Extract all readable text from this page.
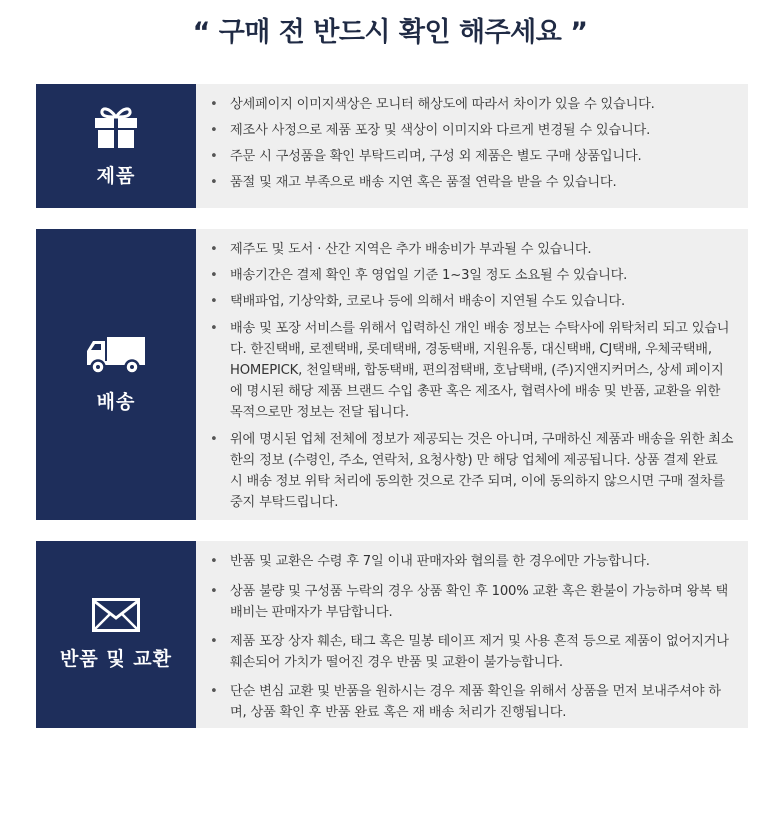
“ 구매 전 반드시 확인 해주세요 ”
제품
• 상세페이지 이미지색상은 모니터 해상도에 따라서 차이가 있을 수 있습니다.
• 제조사 사정으로 제품 포장 및 색상이 이미지와 다르게 변경될 수 있습니다.
• 주문 시 구성품을 확인 부탁드리며, 구성 외 제품은 별도 구매 상품입니다.
• 품절 및 재고 부족으로 배송 지연 혹은 품절 연락을 받을 수 있습니다.
배송
• 제주도 및 도서 · 산간 지역은 추가 배송비가 부과될 수 있습니다.
• 배송기간은 결제 확인 후 영업일 기준 1~3일 정도 소요될 수 있습니다.
• 택배파업, 기상악화, 코로나 등에 의해서 배송이 지연될 수도 있습니다.
• 배송 및 포장 서비스를 위해서 입력하신 개인 배송 정보는 수탁사에 위탁처리 되고 있습니다. 한진택배, 로젠택배, 롯데택배, 경동택배, 지원유통, 대신택배, CJ택배, 우체국택배, HOMEPICK, 천일택배, 합동택배, 편의점택배, 호남택배, (주)지앤지커머스, 상세 페이지에 명시된 해당 제품 브랜드 수입 총판 혹은 제조사, 협력사에 배송 및 반품, 교환을 위한 목적으로만 정보는 전달 됩니다.
• 위에 명시된 업체 전체에 정보가 제공되는 것은 아니며, 구매하신 제품과 배송을 위한 최소한의 정보 (수령인, 주소, 연락처, 요청사항) 만 해당 업체에 제공됩니다. 상품 결제 완료 시 배송 정보 위탁 처리에 동의한 것으로 간주 되며, 이에 동의하지 않으시면 구매 절차를 중지 부탁드립니다.
반품 및 교환
• 반품 및 교환은 수령 후 7일 이내 판매자와 협의를 한 경우에만 가능합니다.
• 상품 불량 및 구성품 누락의 경우 상품 확인 후 100% 교환 혹은 환불이 가능하며 왕복 택배비는 판매자가 부담합니다.
• 제품 포장 상자 훼손, 태그 혹은 밀봉 테이프 제거 및 사용 흔적 등으로 제품이 없어지거나 훼손되어 가치가 떨어진 경우 반품 및 교환이 불가능합니다.
• 단순 변심 교환 및 반품을 원하시는 경우 제품 확인을 위해서 상품을 먼저 보내주셔야 하며, 상품 확인 후 반품 완료 혹은 재 배송 처리가 진행됩니다.
